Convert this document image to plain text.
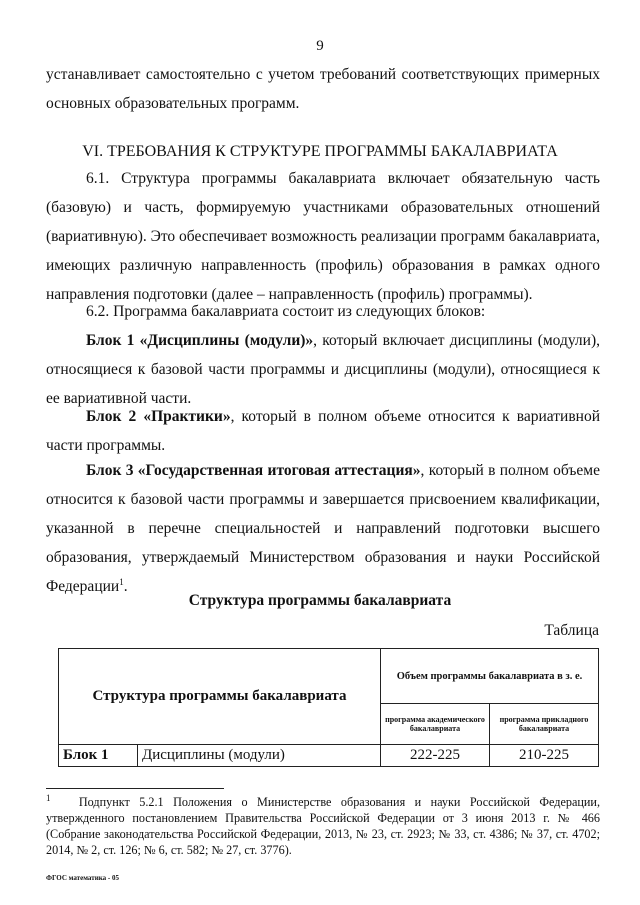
9
устанавливает самостоятельно с учетом требований соответствующих примерных основных образовательных программ.
VI. ТРЕБОВАНИЯ К СТРУКТУРЕ ПРОГРАММЫ БАКАЛАВРИАТА
6.1. Структура программы бакалавриата включает обязательную часть (базовую) и часть, формируемую участниками образовательных отношений (вариативную). Это обеспечивает возможность реализации программ бакалавриата, имеющих различную направленность (профиль) образования в рамках одного направления подготовки (далее – направленность (профиль) программы).
6.2. Программа бакалавриата состоит из следующих блоков:
Блок 1 «Дисциплины (модули)», который включает дисциплины (модули), относящиеся к базовой части программы и дисциплины (модули), относящиеся к ее вариативной части.
Блок 2 «Практики», который в полном объеме относится к вариативной части программы.
Блок 3 «Государственная итоговая аттестация», который в полном объеме относится к базовой части программы и завершается присвоением квалификации, указанной в перечне специальностей и направлений подготовки высшего образования, утверждаемый Министерством образования и науки Российской Федерации$^1$.
Структура программы бакалавриата
Таблица
Структура программы бакалавриата		Объем программы бакалавриата в з. е.	
		программа академического бакалавриата	программа прикладного бакалавриата
Блок 1	Дисциплины (модули)	222-225	210-225
$^1$ Подпункт 5.2.1 Положения о Министерстве образования и науки Российской Федерации, утвержденного постановлением Правительства Российской Федерации от 3 июня 2013 г. № 466 (Собрание законодательства Российской Федерации, 2013, № 23, ст. 2923; № 33, ст. 4386; № 37, ст. 4702; 2014, № 2, ст. 126; № 6, ст. 582; № 27, ст. 3776).
ФГОС математика - 05
